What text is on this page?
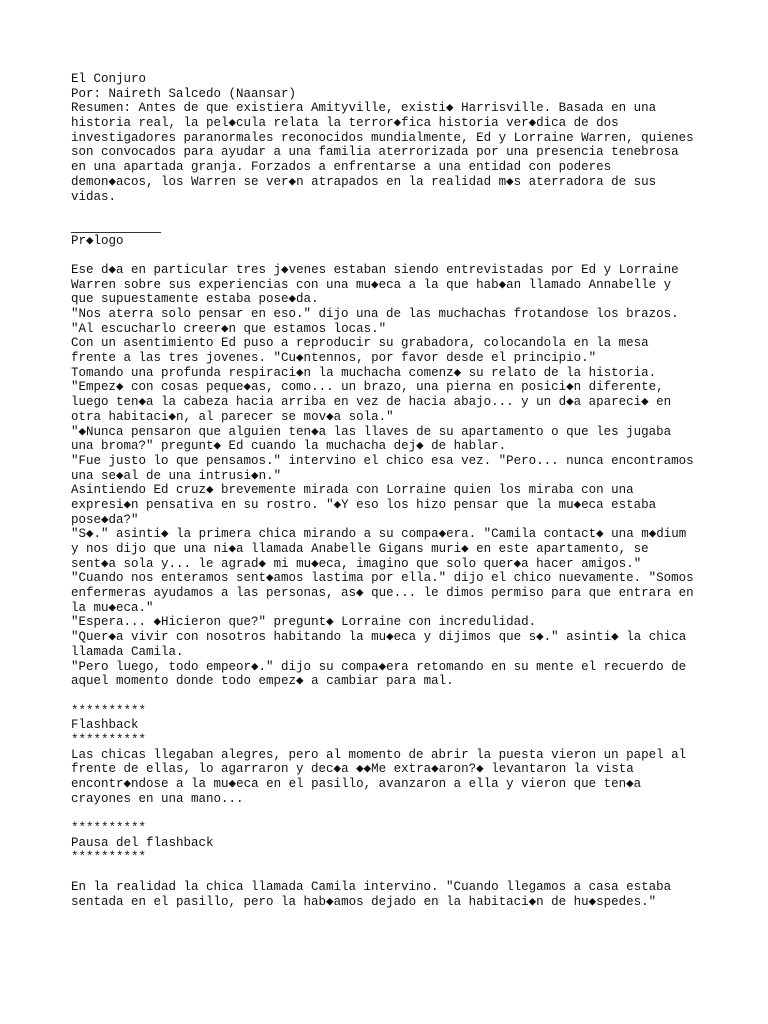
El Conjuro
Por: Naireth Salcedo (Naansar)
Resumen: Antes de que existiera Amityville, existi◆ Harrisville. Basada en una
historia real, la pel◆cula relata la terror◆fica historia ver◆dica de dos
investigadores paranormales reconocidos mundialmente, Ed y Lorraine Warren, quienes
son convocados para ayudar a una familia aterrorizada por una presencia tenebrosa
en una apartada granja. Forzados a enfrentarse a una entidad con poderes
demon◆acos, los Warren se ver◆n atrapados en la realidad m◆s aterradora de sus
vidas.
Pr◆logo
Ese d◆a en particular tres j◆venes estaban siendo entrevistadas por Ed y Lorraine
Warren sobre sus experiencias con una mu◆eca a la que hab◆an llamado Annabelle y
que supuestamente estaba pose◆da.
"Nos aterra solo pensar en eso." dijo una de las muchachas frotandose los brazos.
"Al escucharlo creer◆n que estamos locas."
Con un asentimiento Ed puso a reproducir su grabadora, colocandola en la mesa
frente a las tres jovenes. "Cu◆ntennos, por favor desde el principio."
Tomando una profunda respiraci◆n la muchacha comenz◆ su relato de la historia.
"Empez◆ con cosas peque◆as, como... un brazo, una pierna en posici◆n diferente,
luego ten◆a la cabeza hacia arriba en vez de hacia abajo... y un d◆a apareci◆ en
otra habitaci◆n, al parecer se mov◆a sola."
"◆Nunca pensaron que alguien ten◆a las llaves de su apartamento o que les jugaba
una broma?" pregunt◆ Ed cuando la muchacha dej◆ de hablar.
"Fue justo lo que pensamos." intervino el chico esa vez. "Pero... nunca encontramos
una se◆al de una intrusi◆n."
Asintiendo Ed cruz◆ brevemente mirada con Lorraine quien los miraba con una
expresi◆n pensativa en su rostro. "◆Y eso los hizo pensar que la mu◆eca estaba
pose◆da?"
"S◆." asinti◆ la primera chica mirando a su compa◆era. "Camila contact◆ una m◆dium
y nos dijo que una ni◆a llamada Anabelle Gigans muri◆ en este apartamento, se
sent◆a sola y... le agrad◆ mi mu◆eca, imagino que solo quer◆a hacer amigos."
"Cuando nos enteramos sent◆amos lastima por ella." dijo el chico nuevamente. "Somos
enfermeras ayudamos a las personas, as◆ que... le dimos permiso para que entrara en
la mu◆eca."
"Espera... ◆Hicieron que?" pregunt◆ Lorraine con incredulidad.
"Quer◆a vivir con nosotros habitando la mu◆eca y dijimos que s◆." asinti◆ la chica
llamada Camila.
"Pero luego, todo empeor◆." dijo su compa◆era retomando en su mente el recuerdo de
aquel momento donde todo empez◆ a cambiar para mal.
**********
Flashback
**********
Las chicas llegaban alegres, pero al momento de abrir la puesta vieron un papel al
frente de ellas, lo agarraron y dec◆a ◆◆Me extra◆aron?◆ levantaron la vista
encontr◆ndose a la mu◆eca en el pasillo, avanzaron a ella y vieron que ten◆a
crayones en una mano...
**********
Pausa del flashback
**********
En la realidad la chica llamada Camila intervino. "Cuando llegamos a casa estaba
sentada en el pasillo, pero la hab◆amos dejado en la habitaci◆n de hu◆spedes."
